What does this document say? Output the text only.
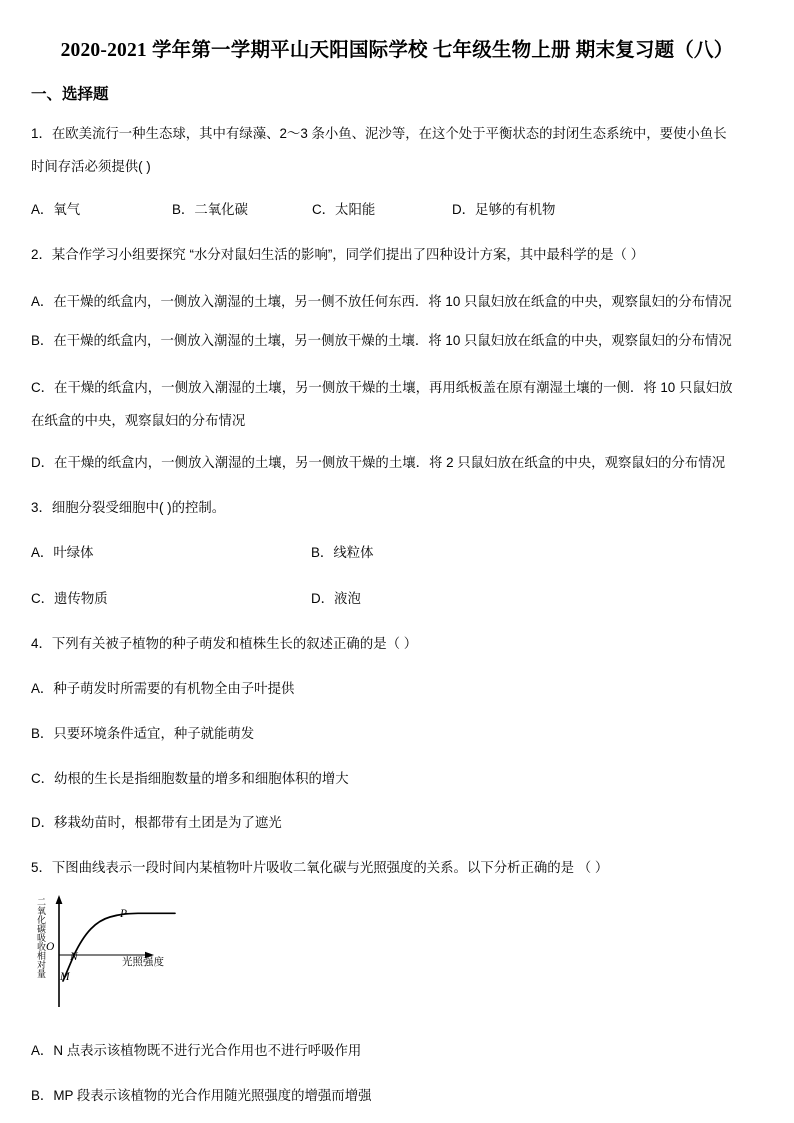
2020-2021 学年第一学期平山天阳国际学校 七年级生物上册 期末复习题（八）
一、选择题
1．在欧美流行一种生态球，其中有绿藻、2～3 条小鱼、泥沙等，在这个处于平衡状态的封闭生态系统中，要使小鱼长
时间存活必须提供( )
A．氧气	B．二氧化碳	C．太阳能	D．足够的有机物
2．某合作学习小组要探究 “水分对鼠妇生活的影响”，同学们提出了四种设计方案，其中最科学的是（ ）
A．在干燥的纸盒内，一侧放入潮湿的土壤，另一侧不放任何东西．将 10 只鼠妇放在纸盒的中央，观察鼠妇的分布情况
B．在干燥的纸盒内，一侧放入潮湿的土壤，另一侧放干燥的土壤．将 10 只鼠妇放在纸盒的中央，观察鼠妇的分布情况
C．在干燥的纸盒内，一侧放入潮湿的土壤，另一侧放干燥的土壤，再用纸板盖在原有潮湿土壤的一侧．将 10 只鼠妇放
在纸盒的中央，观察鼠妇的分布情况
D．在干燥的纸盒内，一侧放入潮湿的土壤，另一侧放干燥的土壤．将 2 只鼠妇放在纸盒的中央，观察鼠妇的分布情况
3．细胞分裂受细胞中( )的控制。
A．叶绿体	B．线粒体
C．遗传物质	D．液泡
4．下列有关被子植物的种子萌发和植株生长的叙述正确的是（ ）
A．种子萌发时所需要的有机物全由子叶提供
B．只要环境条件适宜，种子就能萌发
C．幼根的生长是指细胞数量的增多和细胞体积的增大
D．移栽幼苗时，根都带有土团是为了遮光
5．下图曲线表示一段时间内某植物叶片吸收二氧化碳与光照强度的关系。以下分析正确的是 （ ）
二氧化碳吸收相对量	光照强度
O
M
N
P
A．N 点表示该植物既不进行光合作用也不进行呼吸作用
B．MP 段表示该植物的光合作用随光照强度的增强而增强
